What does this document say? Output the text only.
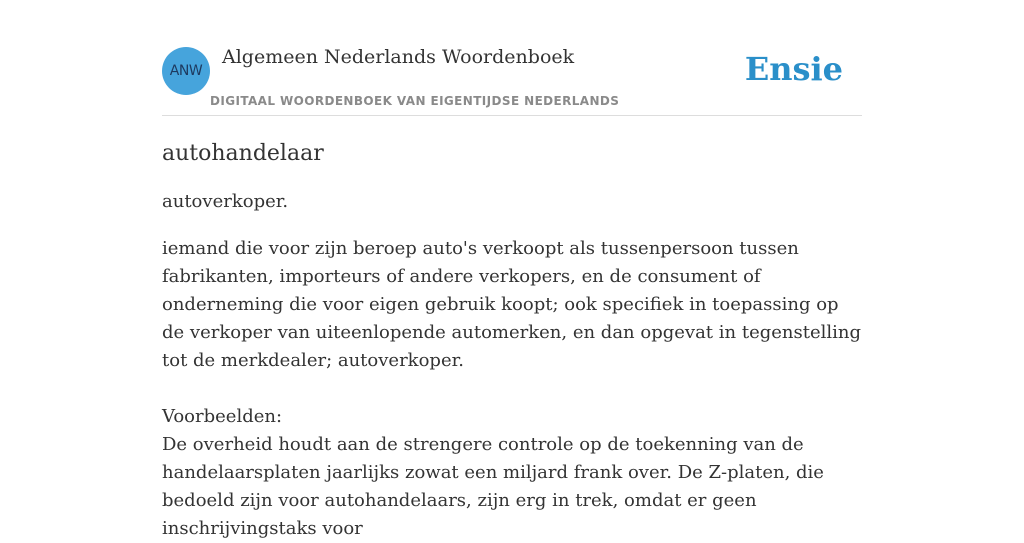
ANW
Algemeen Nederlands Woordenboek
DIGITAAL WOORDENBOEK VAN EIGENTIJDSE NEDERLANDS
Ensie
autohandelaar

autoverkoper.

iemand die voor zijn beroep auto's verkoopt als tussenpersoon tussen fabrikanten, importeurs of andere verkopers, en de consument of onderneming die voor eigen gebruik koopt; ook specifiek in toepassing op de verkoper van uiteenlopende automerken, en dan opgevat in tegenstelling tot de merkdealer; autoverkoper.

Voorbeelden:

De overheid houdt aan de strengere controle op de toekenning van de handelaarsplaten jaarlijks zowat een miljard frank over. De Z-platen, die bedoeld zijn voor autohandelaars, zijn erg in trek, omdat er geen inschrijvingstaks voor
